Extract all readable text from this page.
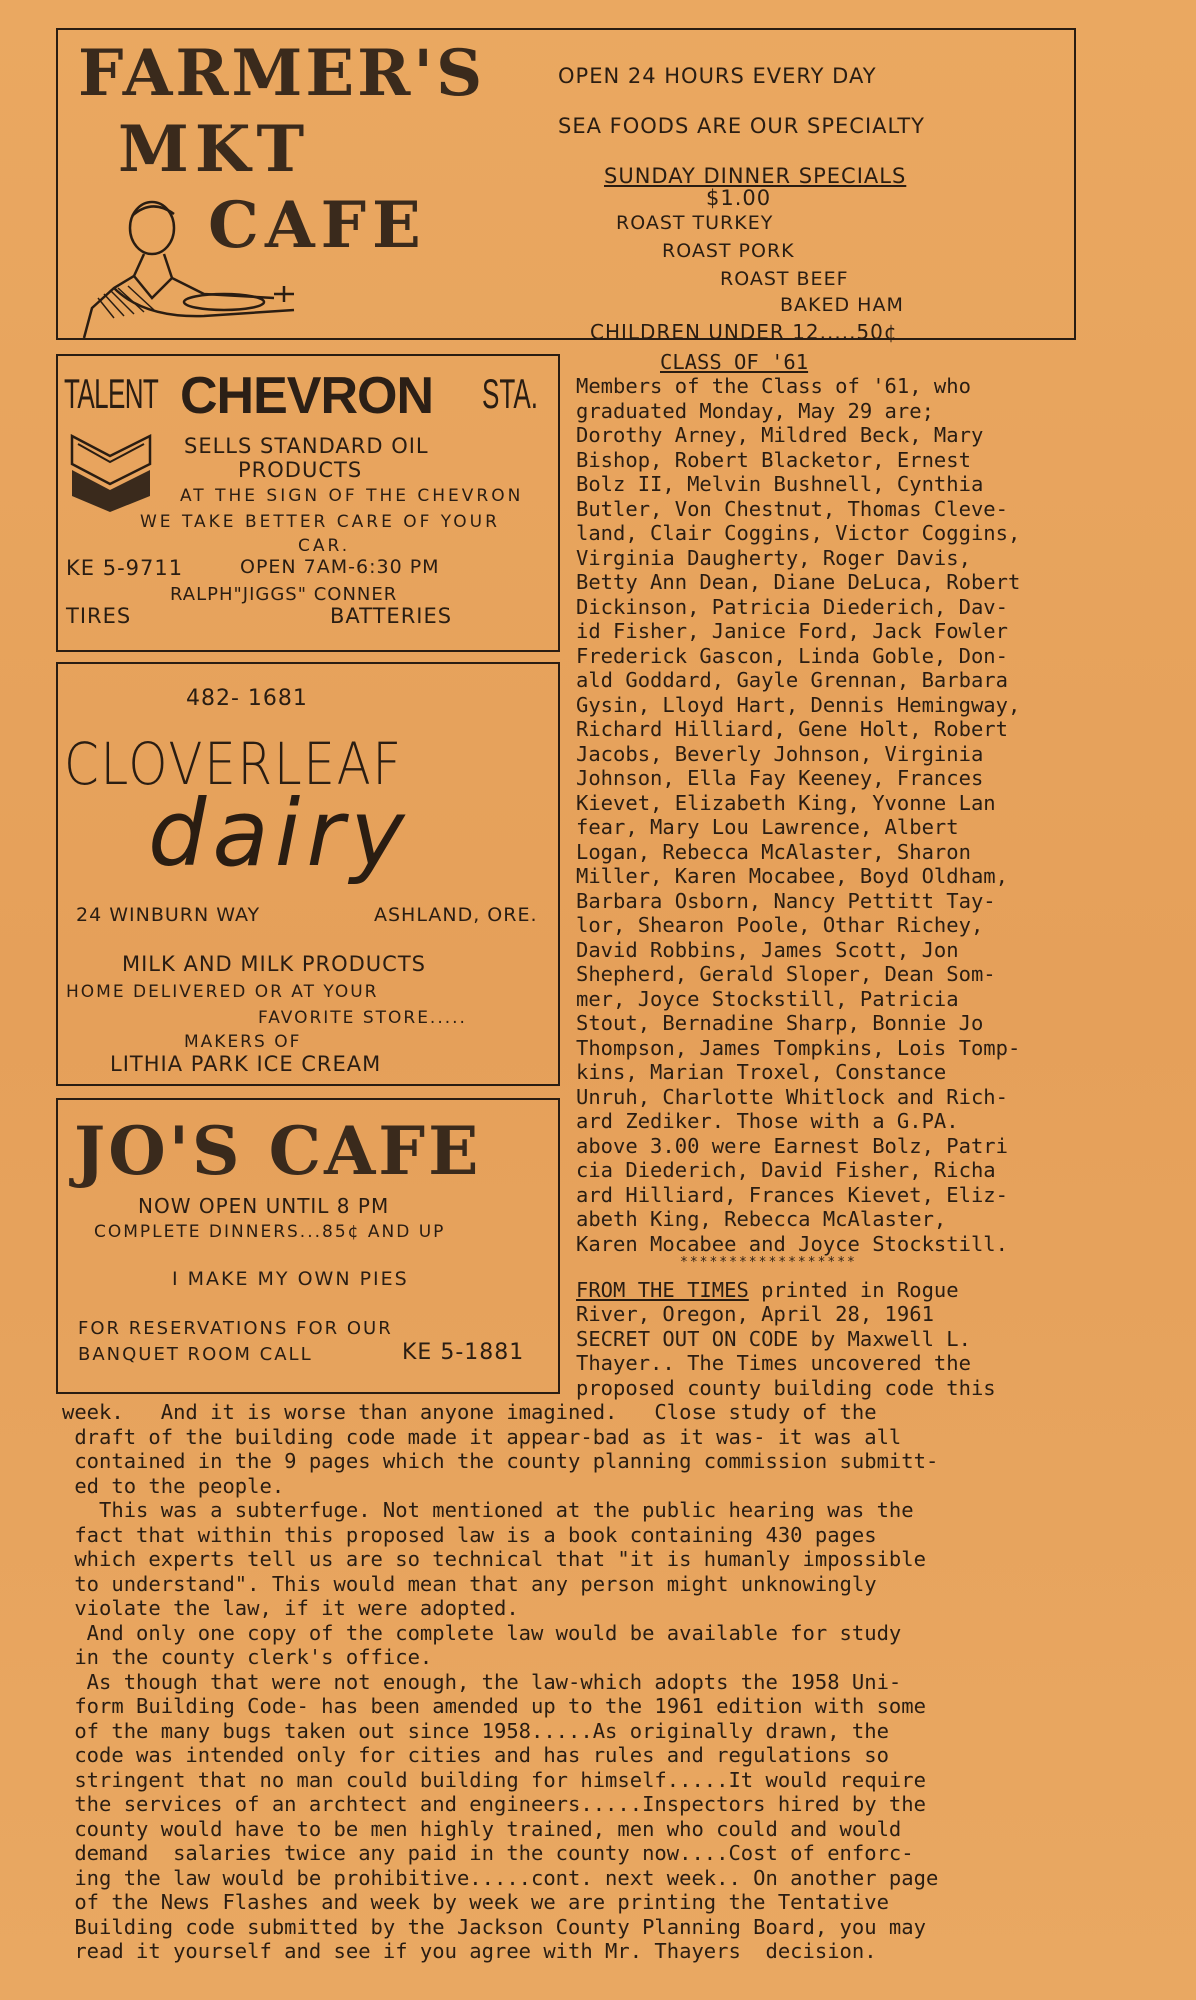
FARMER'S
MKT
CAFE
OPEN 24 HOURS EVERY DAY
SEA FOODS ARE OUR SPECIALTY
SUNDAY DINNER SPECIALS
$1.00
ROAST TURKEY
ROAST PORK
ROAST BEEF
BAKED HAM
CHILDREN UNDER 12.....50¢
TALENT CHEVRON STA.
SELLS STANDARD OIL
PRODUCTS
AT THE SIGN OF THE CHEVRON
WE TAKE BETTER CARE OF YOUR
CAR.
KE 5-9711	OPEN 7AM-6:30 PM
RALPH"JIGGS" CONNER
TIRES	BATTERIES
482- 1681
CLOVERLEAF
dairy
24 WINBURN WAY	ASHLAND, ORE.
MILK AND MILK PRODUCTS
HOME DELIVERED OR AT YOUR
FAVORITE STORE.....
MAKERS OF
LITHIA PARK ICE CREAM
JO'S CAFE
NOW OPEN UNTIL 8 PM
COMPLETE DINNERS...85¢ AND UP
I MAKE MY OWN PIES
FOR RESERVATIONS FOR OUR
BANQUET ROOM CALL	KE 5-1881
CLASS OF '61
Members of the Class of '61, who
graduated Monday, May 29 are;
Dorothy Arney, Mildred Beck, Mary
Bishop, Robert Blacketor, Ernest
Bolz II, Melvin Bushnell, Cynthia
Butler, Von Chestnut, Thomas Cleve-
land, Clair Coggins, Victor Coggins,
Virginia Daugherty, Roger Davis,
Betty Ann Dean, Diane DeLuca, Robert
Dickinson, Patricia Diederich, Dav-
id Fisher, Janice Ford, Jack Fowler
Frederick Gascon, Linda Goble, Don-
ald Goddard, Gayle Grennan, Barbara
Gysin, Lloyd Hart, Dennis Hemingway,
Richard Hilliard, Gene Holt, Robert
Jacobs, Beverly Johnson, Virginia
Johnson, Ella Fay Keeney, Frances
Kievet, Elizabeth King, Yvonne Lan
fear, Mary Lou Lawrence, Albert
Logan, Rebecca McAlaster, Sharon
Miller, Karen Mocabee, Boyd Oldham,
Barbara Osborn, Nancy Pettitt Tay-
lor, Shearon Poole, Othar Richey,
David Robbins, James Scott, Jon
Shepherd, Gerald Sloper, Dean Som-
mer, Joyce Stockstill, Patricia
Stout, Bernadine Sharp, Bonnie Jo
Thompson, James Tompkins, Lois Tomp-
kins, Marian Troxel, Constance
Unruh, Charlotte Whitlock and Rich-
ard Zediker. Those with a G.PA.
above 3.00 were Earnest Bolz, Patri
cia Diederich, David Fisher, Richa
ard Hilliard, Frances Kievet, Eliz-
abeth King, Rebecca McAlaster,
Karen Mocabee and Joyce Stockstill.
******************
FROM THE TIMES printed in Rogue
River, Oregon, April 28, 1961
SECRET OUT ON CODE by Maxwell L.
Thayer.. The Times uncovered the
proposed county building code this
week.   And it is worse than anyone imagined.   Close study of the
draft of the building code made it appear-bad as it was- it was all
contained in the 9 pages which the county planning commission submitt-
ed to the people.
This was a subterfuge. Not mentioned at the public hearing was the
fact that within this proposed law is a book containing 430 pages
which experts tell us are so technical that "it is humanly impossible
to understand". This would mean that any person might unknowingly
violate the law, if it were adopted.
And only one copy of the complete law would be available for study
in the county clerk's office.
As though that were not enough, the law-which adopts the 1958 Uni-
form Building Code- has been amended up to the 1961 edition with some
of the many bugs taken out since 1958.....As originally drawn, the
code was intended only for cities and has rules and regulations so
stringent that no man could building for himself.....It would require
the services of an archtect and engineers.....Inspectors hired by the
county would have to be men highly trained, men who could and would
demand  salaries twice any paid in the county now....Cost of enforc-
ing the law would be prohibitive.....cont. next week.. On another page
of the News Flashes and week by week we are printing the Tentative
Building code submitted by the Jackson County Planning Board, you may
read it yourself and see if you agree with Mr. Thayers  decision.
